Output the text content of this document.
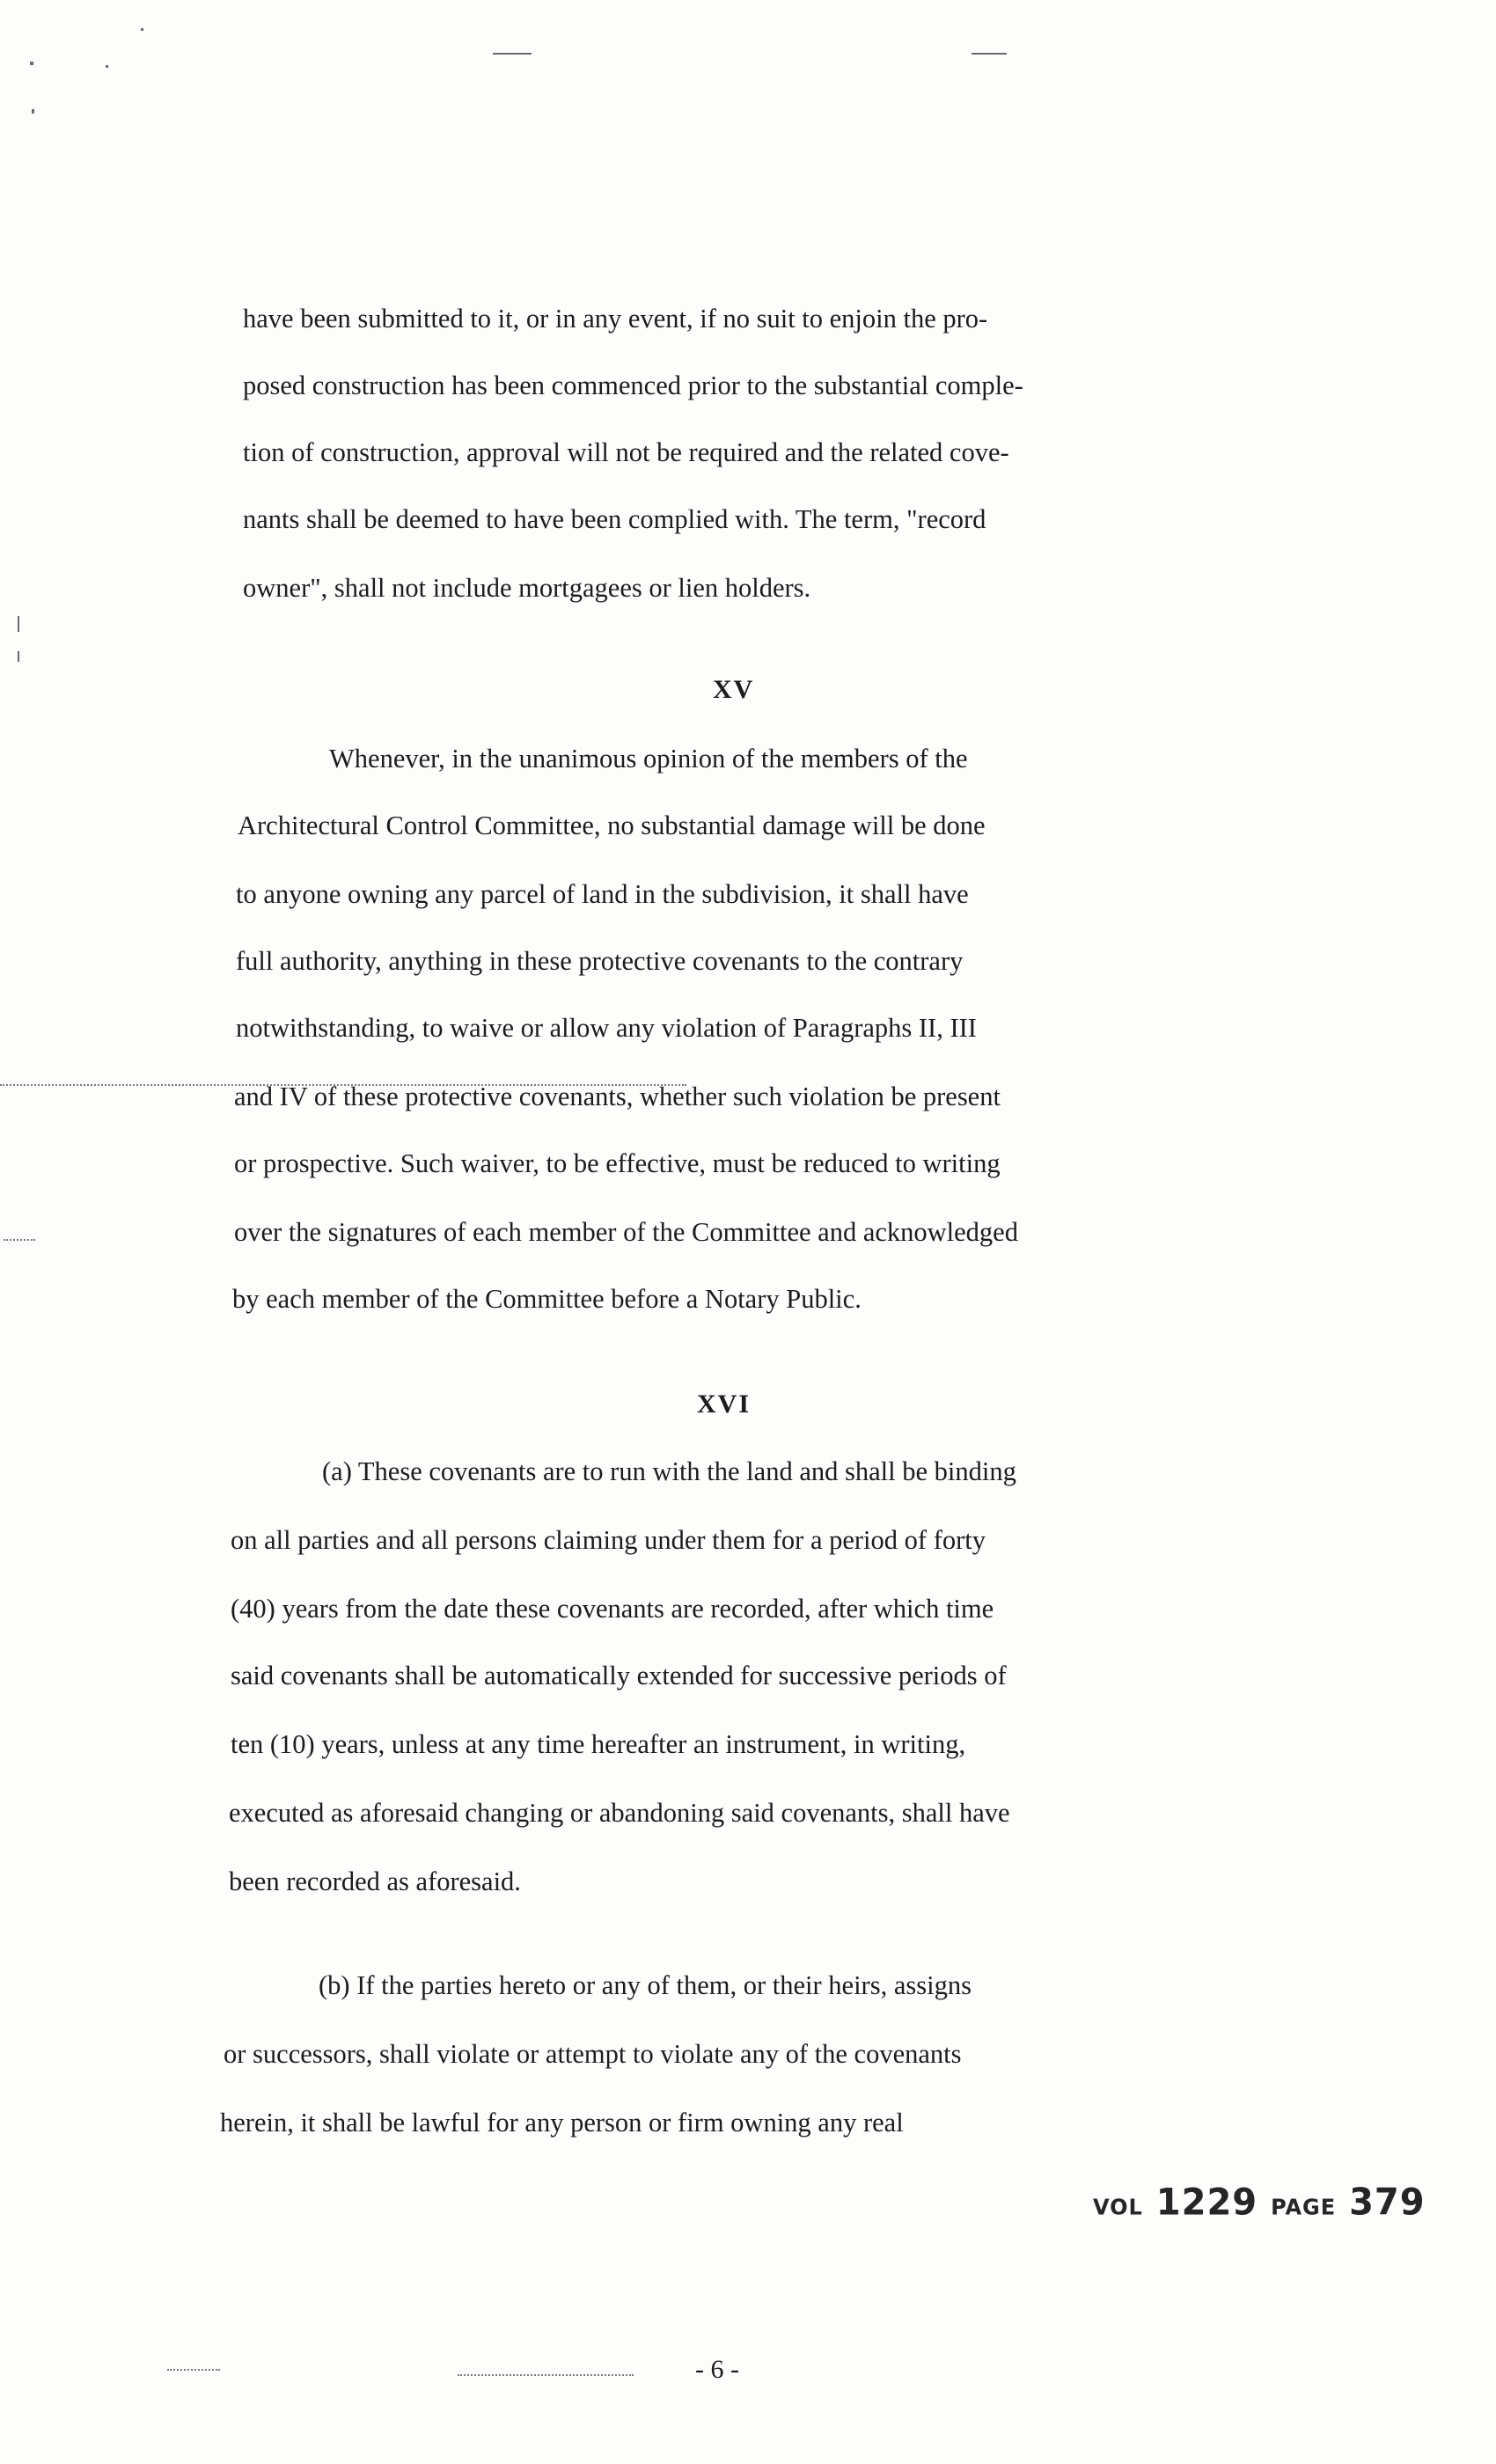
have been submitted to it, or in any event, if no suit to enjoin the pro-

posed construction has been commenced prior to the substantial comple-

tion of construction, approval will not be required and the related cove-

nants shall be deemed to have been complied with. The term, "record

owner", shall not include mortgagees or lien holders.

XV

Whenever, in the unanimous opinion of the members of the

Architectural Control Committee, no substantial damage will be done

to anyone owning any parcel of land in the subdivision, it shall have

full authority, anything in these protective covenants to the contrary

notwithstanding, to waive or allow any violation of Paragraphs II, III

and IV of these protective covenants, whether such violation be present

or prospective. Such waiver, to be effective, must be reduced to writing

over the signatures of each member of the Committee and acknowledged

by each member of the Committee before a Notary Public.

XVI

(a) These covenants are to run with the land and shall be binding

on all parties and all persons claiming under them for a period of forty

(40) years from the date these covenants are recorded, after which time

said covenants shall be automatically extended for successive periods of

ten (10) years, unless at any time hereafter an instrument, in writing,

executed as aforesaid changing or abandoning said covenants, shall have

been recorded as aforesaid.

(b) If the parties hereto or any of them, or their heirs, assigns

or successors, shall violate or attempt to violate any of the covenants

herein, it shall be lawful for any person or firm owning any real

VOL 1229 PAGE 379

- 6 -
